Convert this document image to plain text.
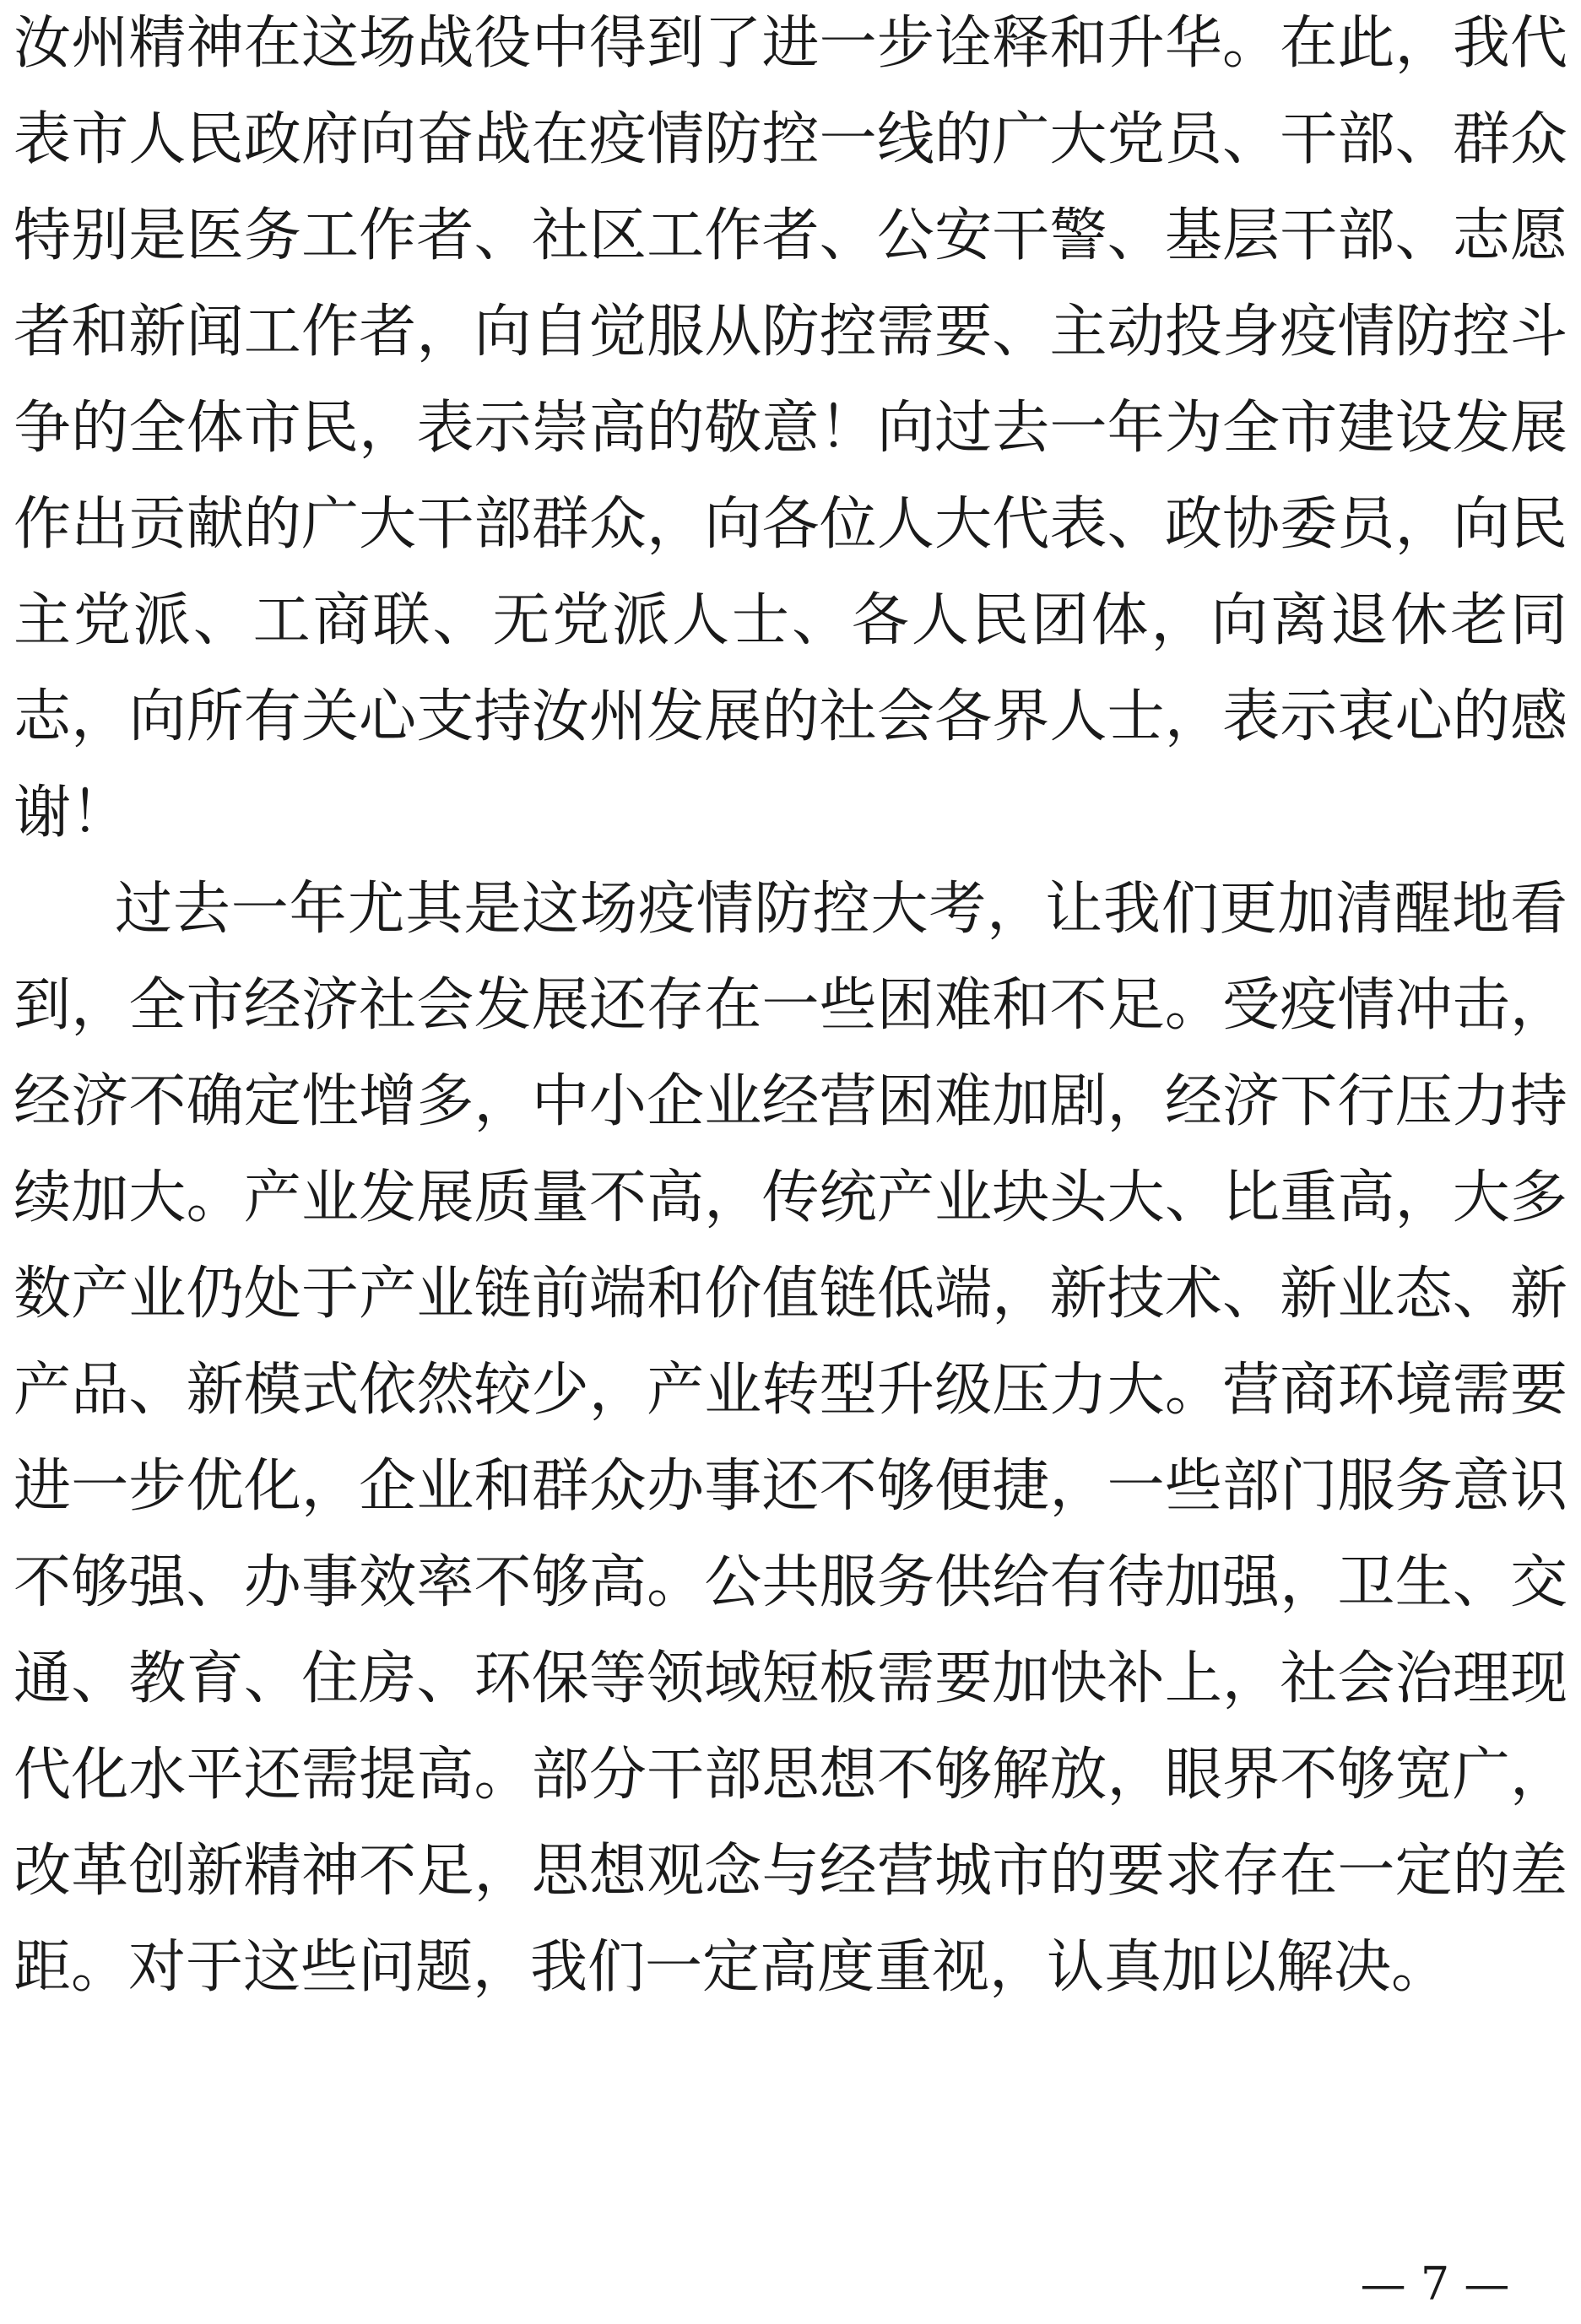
汝州精神在这场战役中得到了进一步诠释和升华。在此，我代
表市人民政府向奋战在疫情防控一线的广大党员、干部、群众
特别是医务工作者、社区工作者、公安干警、基层干部、志愿
者和新闻工作者，向自觉服从防控需要、主动投身疫情防控斗
争的全体市民，表示崇高的敬意！向过去一年为全市建设发展
作出贡献的广大干部群众，向各位人大代表、政协委员，向民
主党派、工商联、无党派人士、各人民团体，向离退休老同
志，向所有关心支持汝州发展的社会各界人士，表示衷心的感
谢！
过去一年尤其是这场疫情防控大考，让我们更加清醒地看
到，全市经济社会发展还存在一些困难和不足。受疫情冲击，
经济不确定性增多，中小企业经营困难加剧，经济下行压力持
续加大。产业发展质量不高，传统产业块头大、比重高，大多
数产业仍处于产业链前端和价值链低端，新技术、新业态、新
产品、新模式依然较少，产业转型升级压力大。营商环境需要
进一步优化，企业和群众办事还不够便捷，一些部门服务意识
不够强、办事效率不够高。公共服务供给有待加强，卫生、交
通、教育、住房、环保等领域短板需要加快补上，社会治理现
代化水平还需提高。部分干部思想不够解放，眼界不够宽广，
改革创新精神不足，思想观念与经营城市的要求存在一定的差
距。对于这些问题，我们一定高度重视，认真加以解决。
— 7 —
